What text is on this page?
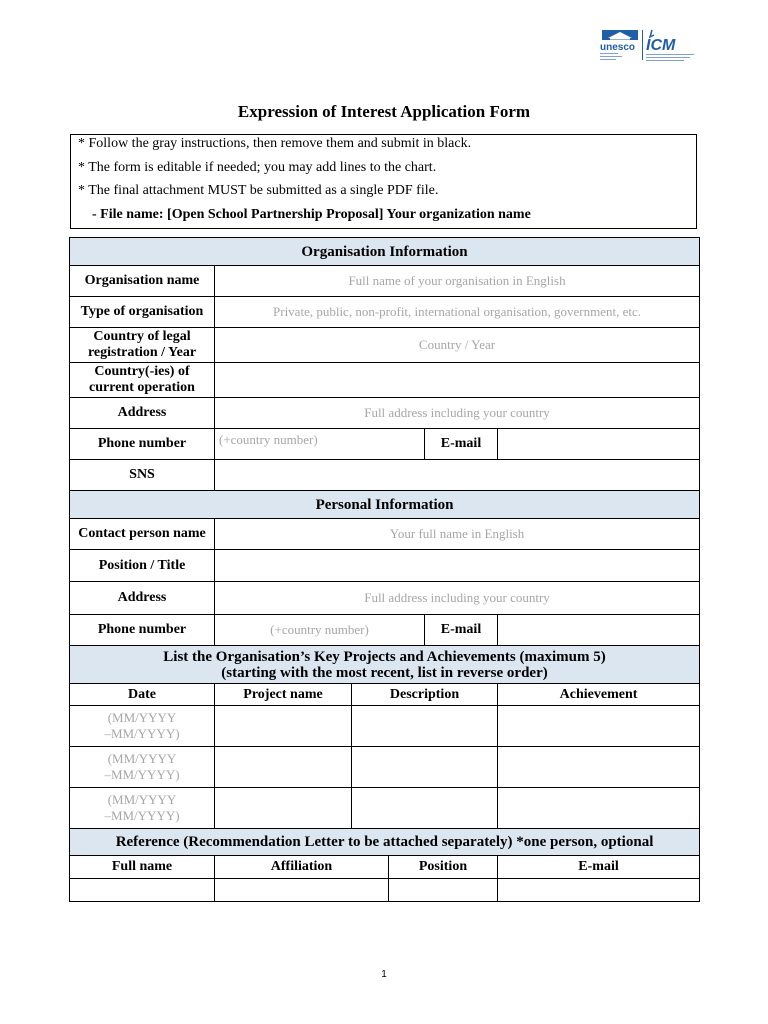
unesco ICM
Expression of Interest Application Form
* Follow the gray instructions, then remove them and submit in black.
* The form is editable if needed; you may add lines to the chart.
* The final attachment MUST be submitted as a single PDF file.
- File name: [Open School Partnership Proposal] Your organization name
Organisation Information					
Organisation name	Full name of your organisation in English				
Type of organisation	Private, public, non-profit, international organisation, government, etc.				
Country of legal registration / Year	Country / Year				
Country(-ies) of current operation					
Address	Full address including your country				
Phone number	(+country number)			E-mail	
SNS					
Personal Information					
Contact person name	Your full name in English				
Position / Title					
Address	Full address including your country				
Phone number	(+country number)			E-mail	

List the Organisation’s Key Projects and Achievements (maximum 5)
(starting with the most recent, list in reverse order)					

Date	Project name	Description			Achievement

(MM/YYYY
–MM/YYYY)					

(MM/YYYY
–MM/YYYY)					

(MM/YYYY
–MM/YYYY)					

Reference (Recommendation Letter to be attached separately) *one person, optional					
Full name	Affiliation		Position		E-mail

1
